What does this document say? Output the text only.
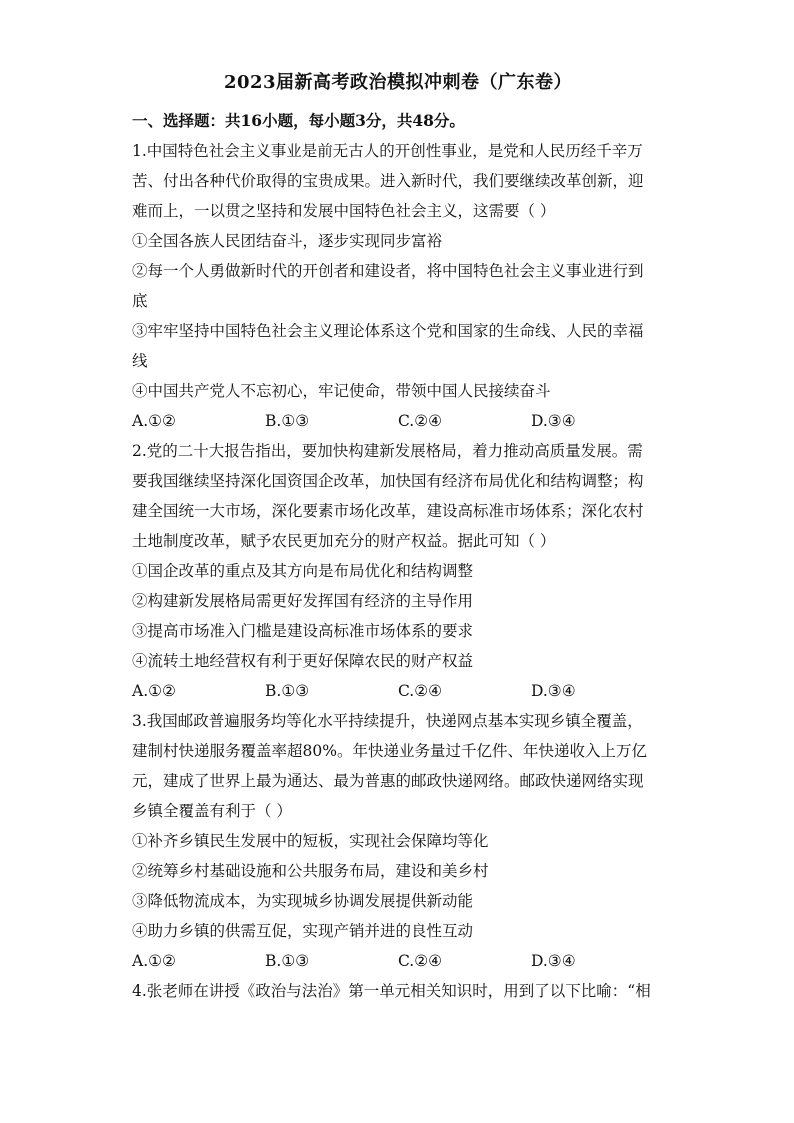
2023届新高考政治模拟冲刺卷（广东卷）

一、选择题：共16小题，每小题3分，共48分。

1.中国特色社会主义事业是前无古人的开创性事业，是党和人民历经千辛万

苦、付出各种代价取得的宝贵成果。进入新时代，我们要继续改革创新，迎

难而上，一以贯之坚持和发展中国特色社会主义，这需要（ ）

①全国各族人民团结奋斗，逐步实现同步富裕

②每一个人勇做新时代的开创者和建设者，将中国特色社会主义事业进行到

底

③牢牢坚持中国特色社会主义理论体系这个党和国家的生命线、人民的幸福

线

④中国共产党人不忘初心，牢记使命，带领中国人民接续奋斗

A.①②	B.①③	C.②④	D.③④

2.党的二十大报告指出，要加快构建新发展格局，着力推动高质量发展。需

要我国继续坚持深化国资国企改革，加快国有经济布局优化和结构调整；构

建全国统一大市场，深化要素市场化改革，建设高标准市场体系；深化农村

土地制度改革，赋予农民更加充分的财产权益。据此可知（ ）

①国企改革的重点及其方向是布局优化和结构调整

②构建新发展格局需更好发挥国有经济的主导作用

③提高市场准入门槛是建设高标准市场体系的要求

④流转土地经营权有利于更好保障农民的财产权益

A.①②	B.①③	C.②④	D.③④

3.我国邮政普遍服务均等化水平持续提升，快递网点基本实现乡镇全覆盖，

建制村快递服务覆盖率超80%。年快递业务量过千亿件、年快递收入上万亿

元，建成了世界上最为通达、最为普惠的邮政快递网络。邮政快递网络实现

乡镇全覆盖有利于（ ）

①补齐乡镇民生发展中的短板，实现社会保障均等化

②统筹乡村基础设施和公共服务布局，建设和美乡村

③降低物流成本，为实现城乡协调发展提供新动能

④助力乡镇的供需互促，实现产销并进的良性互动

A.①②	B.①③	C.②④	D.③④

4.张老师在讲授《政治与法治》第一单元相关知识时，用到了以下比喻：“相
